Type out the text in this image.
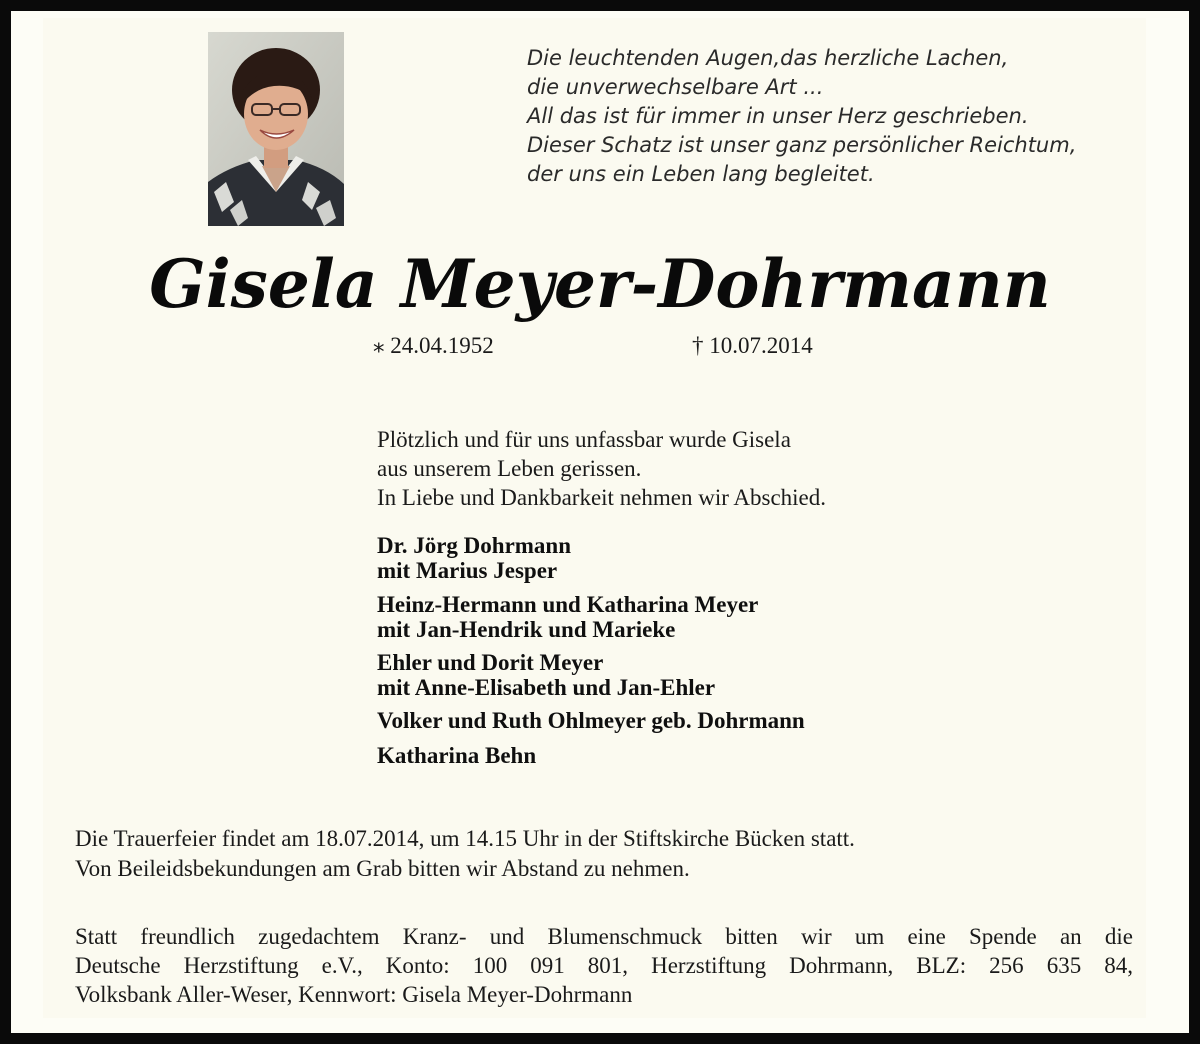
Die leuchtenden Augen,das herzliche Lachen,
die unverwechselbare Art ...
All das ist für immer in unser Herz geschrieben.
Dieser Schatz ist unser ganz persönlicher Reichtum,
der uns ein Leben lang begleitet.
Gisela Meyer-Dohrmann
⁎ 24.04.1952	† 10.07.2014
Plötzlich und für uns unfassbar wurde Gisela
aus unserem Leben gerissen.
In Liebe und Dankbarkeit nehmen wir Abschied.
Dr. Jörg Dohrmann
mit Marius Jesper
Heinz-Hermann und Katharina Meyer
mit Jan-Hendrik und Marieke
Ehler und Dorit Meyer
mit Anne-Elisabeth und Jan-Ehler
Volker und Ruth Ohlmeyer geb. Dohrmann
Katharina Behn
Die Trauerfeier findet am 18.07.2014, um 14.15 Uhr in der Stiftskirche Bücken statt.
Von Beileidsbekundungen am Grab bitten wir Abstand zu nehmen.
Statt freundlich zugedachtem Kranz- und Blumenschmuck bitten wir um eine Spende an die
Deutsche Herzstiftung e.V., Konto: 100 091 801, Herzstiftung Dohrmann, BLZ: 256 635 84,
Volksbank Aller-Weser, Kennwort: Gisela Meyer-Dohrmann
